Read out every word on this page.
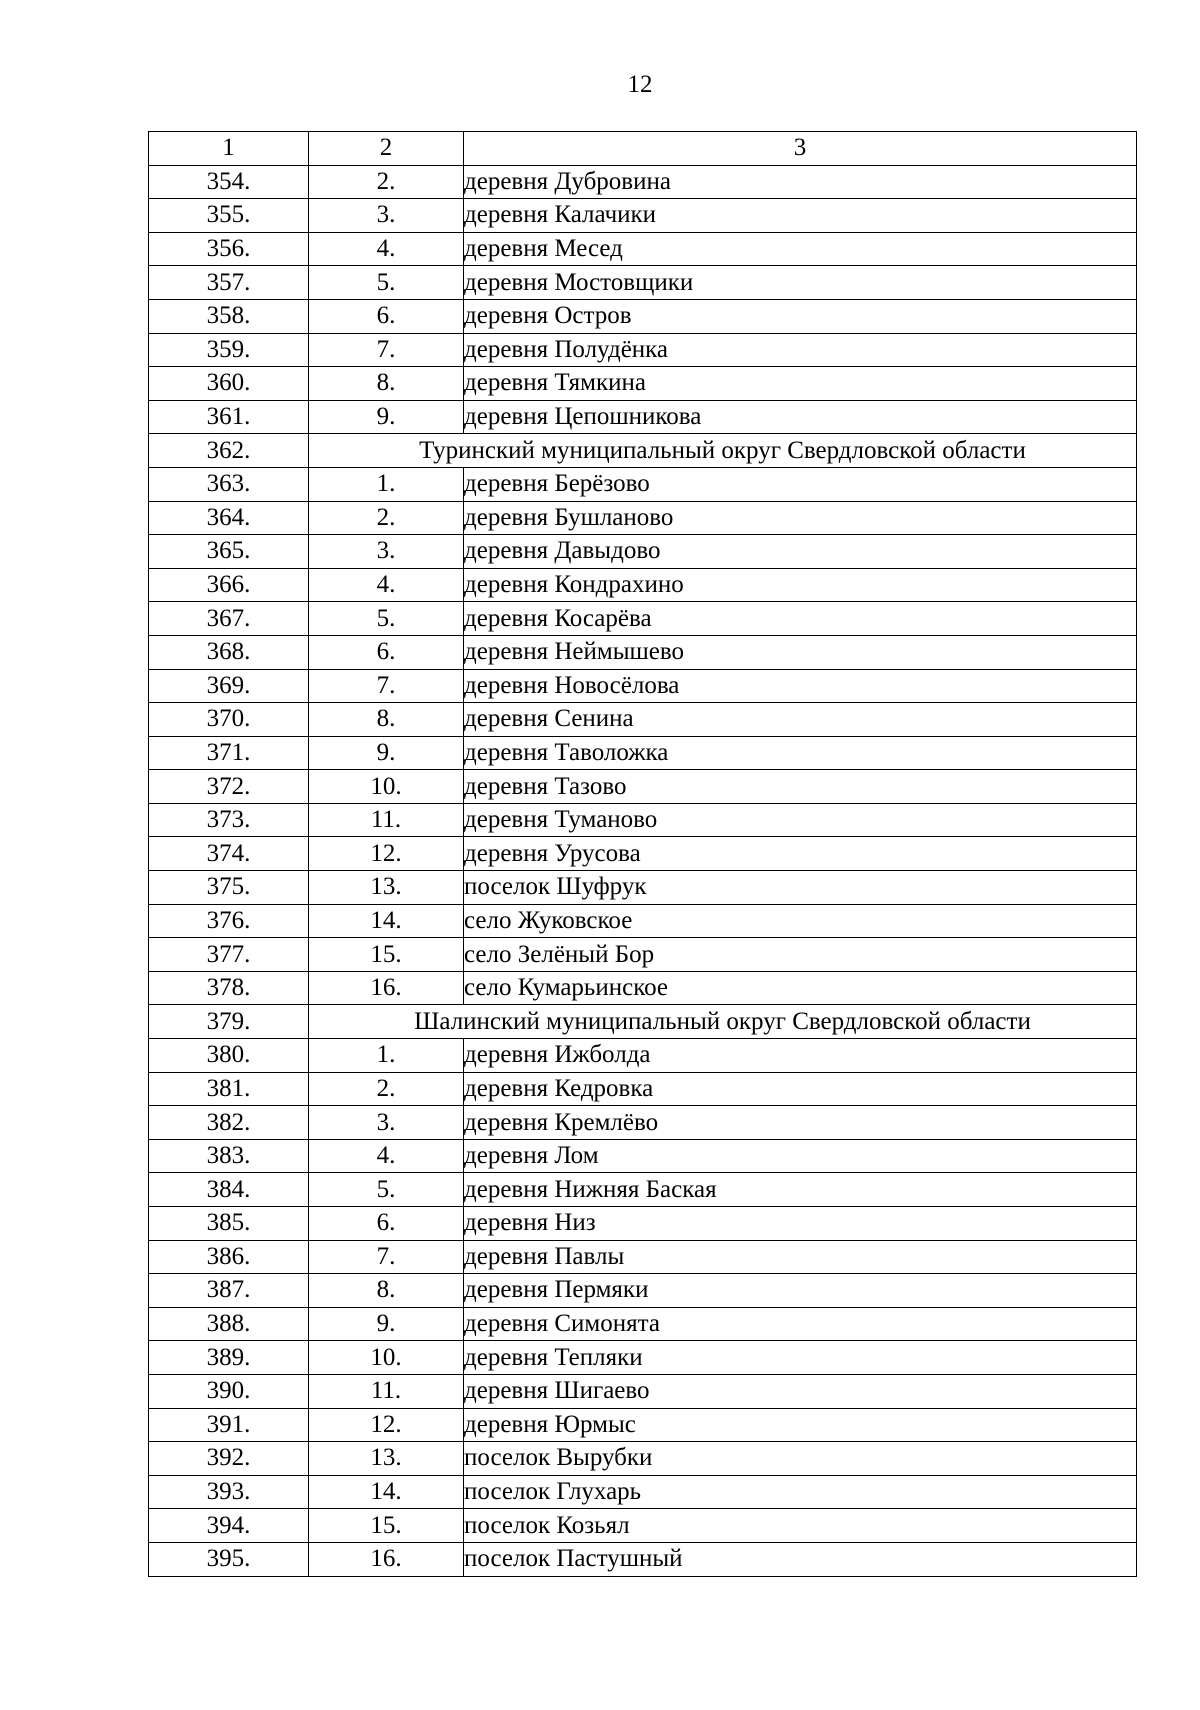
12
1	2	3
354.	2.	деревня Дубровина
355.	3.	деревня Калачики
356.	4.	деревня Месед
357.	5.	деревня Мостовщики
358.	6.	деревня Остров
359.	7.	деревня Полудёнка
360.	8.	деревня Тямкина
361.	9.	деревня Цепошникова
362.	Туринский муниципальный округ Свердловской области	
363.	1.	деревня Берёзово
364.	2.	деревня Бушланово
365.	3.	деревня Давыдово
366.	4.	деревня Кондрахино
367.	5.	деревня Косарёва
368.	6.	деревня Неймышево
369.	7.	деревня Новосёлова
370.	8.	деревня Сенина
371.	9.	деревня Таволожка
372.	10.	деревня Тазово
373.	11.	деревня Туманово
374.	12.	деревня Урусова
375.	13.	поселок Шуфрук
376.	14.	село Жуковское
377.	15.	село Зелёный Бор
378.	16.	село Кумарьинское
379.	Шалинский муниципальный округ Свердловской области	
380.	1.	деревня Ижболда
381.	2.	деревня Кедровка
382.	3.	деревня Кремлёво
383.	4.	деревня Лом
384.	5.	деревня Нижняя Баская
385.	6.	деревня Низ
386.	7.	деревня Павлы
387.	8.	деревня Пермяки
388.	9.	деревня Симонята
389.	10.	деревня Тепляки
390.	11.	деревня Шигаево
391.	12.	деревня Юрмыс
392.	13.	поселок Вырубки
393.	14.	поселок Глухарь
394.	15.	поселок Козьял
395.	16.	поселок Пастушный
